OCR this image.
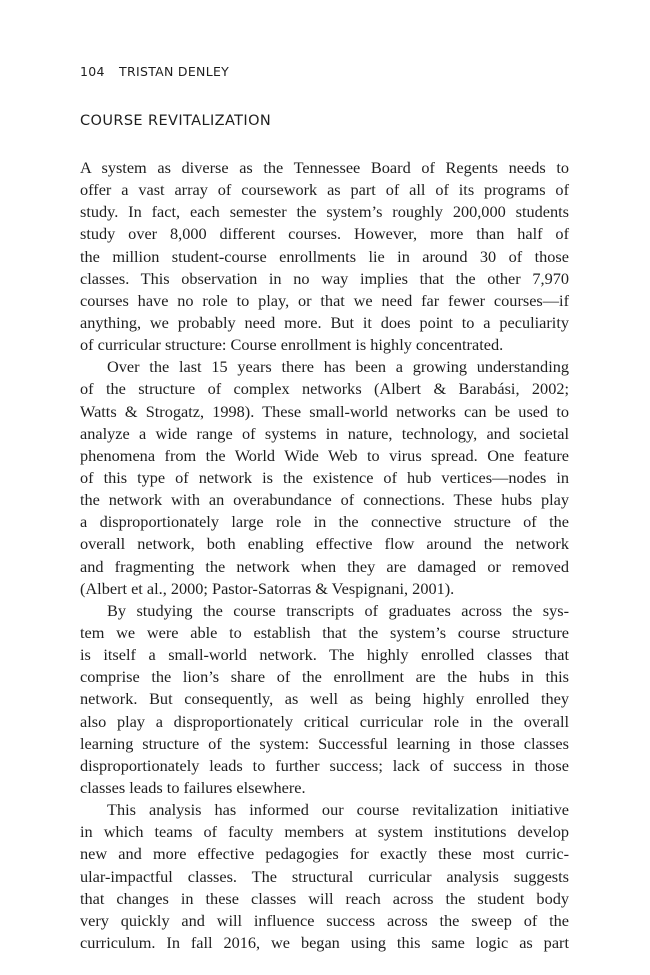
104 TRISTAN DENLEY
COURSE REVITALIZATION
A system as diverse as the Tennessee Board of Regents needs to
offer a vast array of coursework as part of all of its programs of
study. In fact, each semester the system’s roughly 200,000 students
study over 8,000 different courses. However, more than half of
the million student-course enrollments lie in around 30 of those
classes. This observation in no way implies that the other 7,970
courses have no role to play, or that we need far fewer courses—if
anything, we probably need more. But it does point to a peculiarity
of curricular structure: Course enrollment is highly concentrated.
Over the last 15 years there has been a growing understanding
of the structure of complex networks (Albert & Barabási, 2002;
Watts & Strogatz, 1998). These small-world networks can be used to
analyze a wide range of systems in nature, technology, and societal
phenomena from the World Wide Web to virus spread. One feature
of this type of network is the existence of hub vertices—nodes in
the network with an overabundance of connections. These hubs play
a disproportionately large role in the connective structure of the
overall network, both enabling effective flow around the network
and fragmenting the network when they are damaged or removed
(Albert et al., 2000; Pastor-Satorras & Vespignani, 2001).
By studying the course transcripts of graduates across the sys-
tem we were able to establish that the system’s course structure
is itself a small-world network. The highly enrolled classes that
comprise the lion’s share of the enrollment are the hubs in this
network. But consequently, as well as being highly enrolled they
also play a disproportionately critical curricular role in the overall
learning structure of the system: Successful learning in those classes
disproportionately leads to further success; lack of success in those
classes leads to failures elsewhere.
This analysis has informed our course revitalization initiative
in which teams of faculty members at system institutions develop
new and more effective pedagogies for exactly these most curric-
ular-impactful classes. The structural curricular analysis suggests
that changes in these classes will reach across the student body
very quickly and will influence success across the sweep of the
curriculum. In fall 2016, we began using this same logic as part
